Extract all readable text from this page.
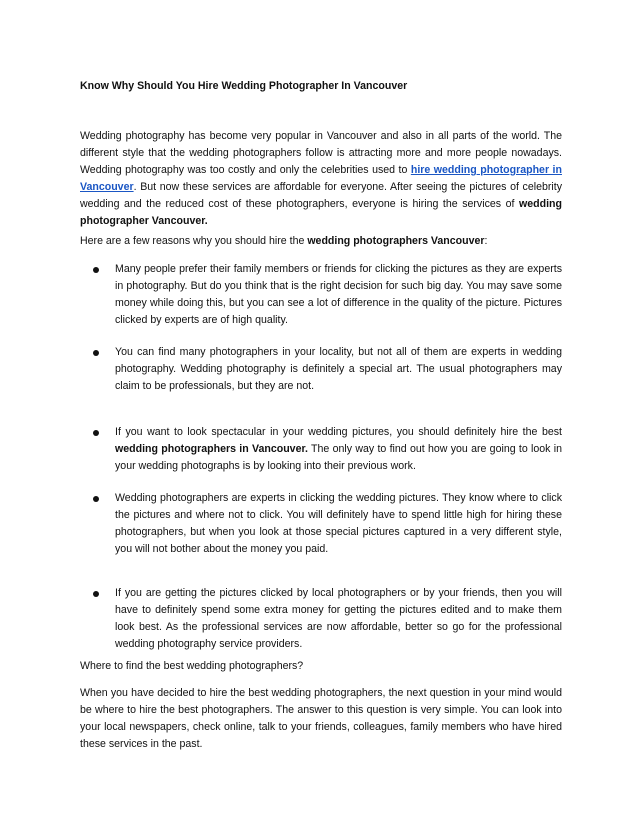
Know Why Should You Hire Wedding Photographer In Vancouver

Wedding photography has become very popular in Vancouver and also in all parts of the world. The different style that the wedding photographers follow is attracting more and more people nowadays. Wedding photography was too costly and only the celebrities used to hire wedding photographer in Vancouver. But now these services are affordable for everyone. After seeing the pictures of celebrity wedding and the reduced cost of these photographers, everyone is hiring the services of wedding photographer Vancouver.

Here are a few reasons why you should hire the wedding photographers Vancouver:

Many people prefer their family members or friends for clicking the pictures as they are experts in photography. But do you think that is the right decision for such big day. You may save some money while doing this, but you can see a lot of difference in the quality of the picture. Pictures clicked by experts are of high quality.

You can find many photographers in your locality, but not all of them are experts in wedding photography. Wedding photography is definitely a special art. The usual photographers may claim to be professionals, but they are not.

If you want to look spectacular in your wedding pictures, you should definitely hire the best wedding photographers in Vancouver. The only way to find out how you are going to look in your wedding photographs is by looking into their previous work.

Wedding photographers are experts in clicking the wedding pictures. They know where to click the pictures and where not to click. You will definitely have to spend little high for hiring these photographers, but when you look at those special pictures captured in a very different style, you will not bother about the money you paid.

If you are getting the pictures clicked by local photographers or by your friends, then you will have to definitely spend some extra money for getting the pictures edited and to make them look best. As the professional services are now affordable, better so go for the professional wedding photography service providers.

Where to find the best wedding photographers?

When you have decided to hire the best wedding photographers, the next question in your mind would be where to hire the best photographers. The answer to this question is very simple. You can look into your local newspapers, check online, talk to your friends, colleagues, family members who have hired these services in the past.
